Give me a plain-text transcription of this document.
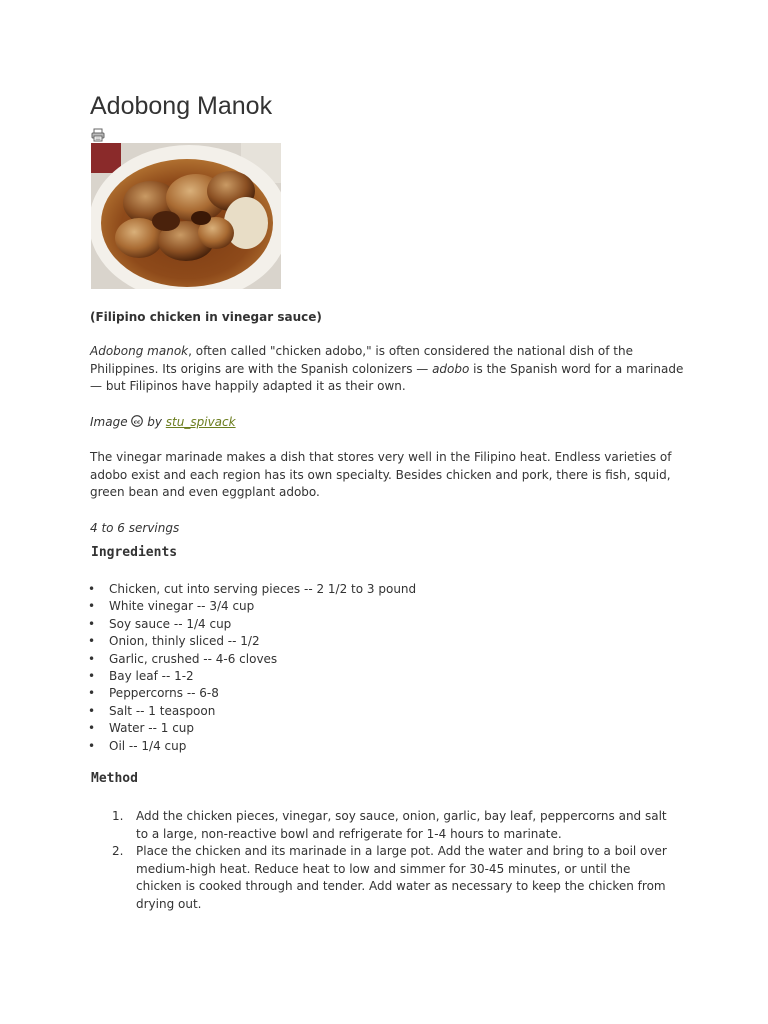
Adobong Manok

(Filipino chicken in vinegar sauce)

Adobong manok, often called "chicken adobo," is often considered the national dish of the Philippines. Its origins are with the Spanish colonizers — adobo is the Spanish word for a marinade — but Filipinos have happily adapted it as their own.

Image cc by stu_spivack

The vinegar marinade makes a dish that stores very well in the Filipino heat. Endless varieties of adobo exist and each region has its own specialty. Besides chicken and pork, there is fish, squid, green bean and even eggplant adobo.

4 to 6 servings

Ingredients
• Chicken, cut into serving pieces -- 2 1/2 to 3 pound
• White vinegar -- 3/4 cup
• Soy sauce -- 1/4 cup
• Onion, thinly sliced -- 1/2
• Garlic, crushed -- 4-6 cloves
• Bay leaf -- 1-2
• Peppercorns -- 6-8
• Salt -- 1 teaspoon
• Water -- 1 cup
• Oil -- 1/4 cup
Method
1. Add the chicken pieces, vinegar, soy sauce, onion, garlic, bay leaf, peppercorns and salt to a large, non-reactive bowl and refrigerate for 1-4 hours to marinate.
2. Place the chicken and its marinade in a large pot. Add the water and bring to a boil over medium-high heat. Reduce heat to low and simmer for 30-45 minutes, or until the chicken is cooked through and tender. Add water as necessary to keep the chicken from drying out.
